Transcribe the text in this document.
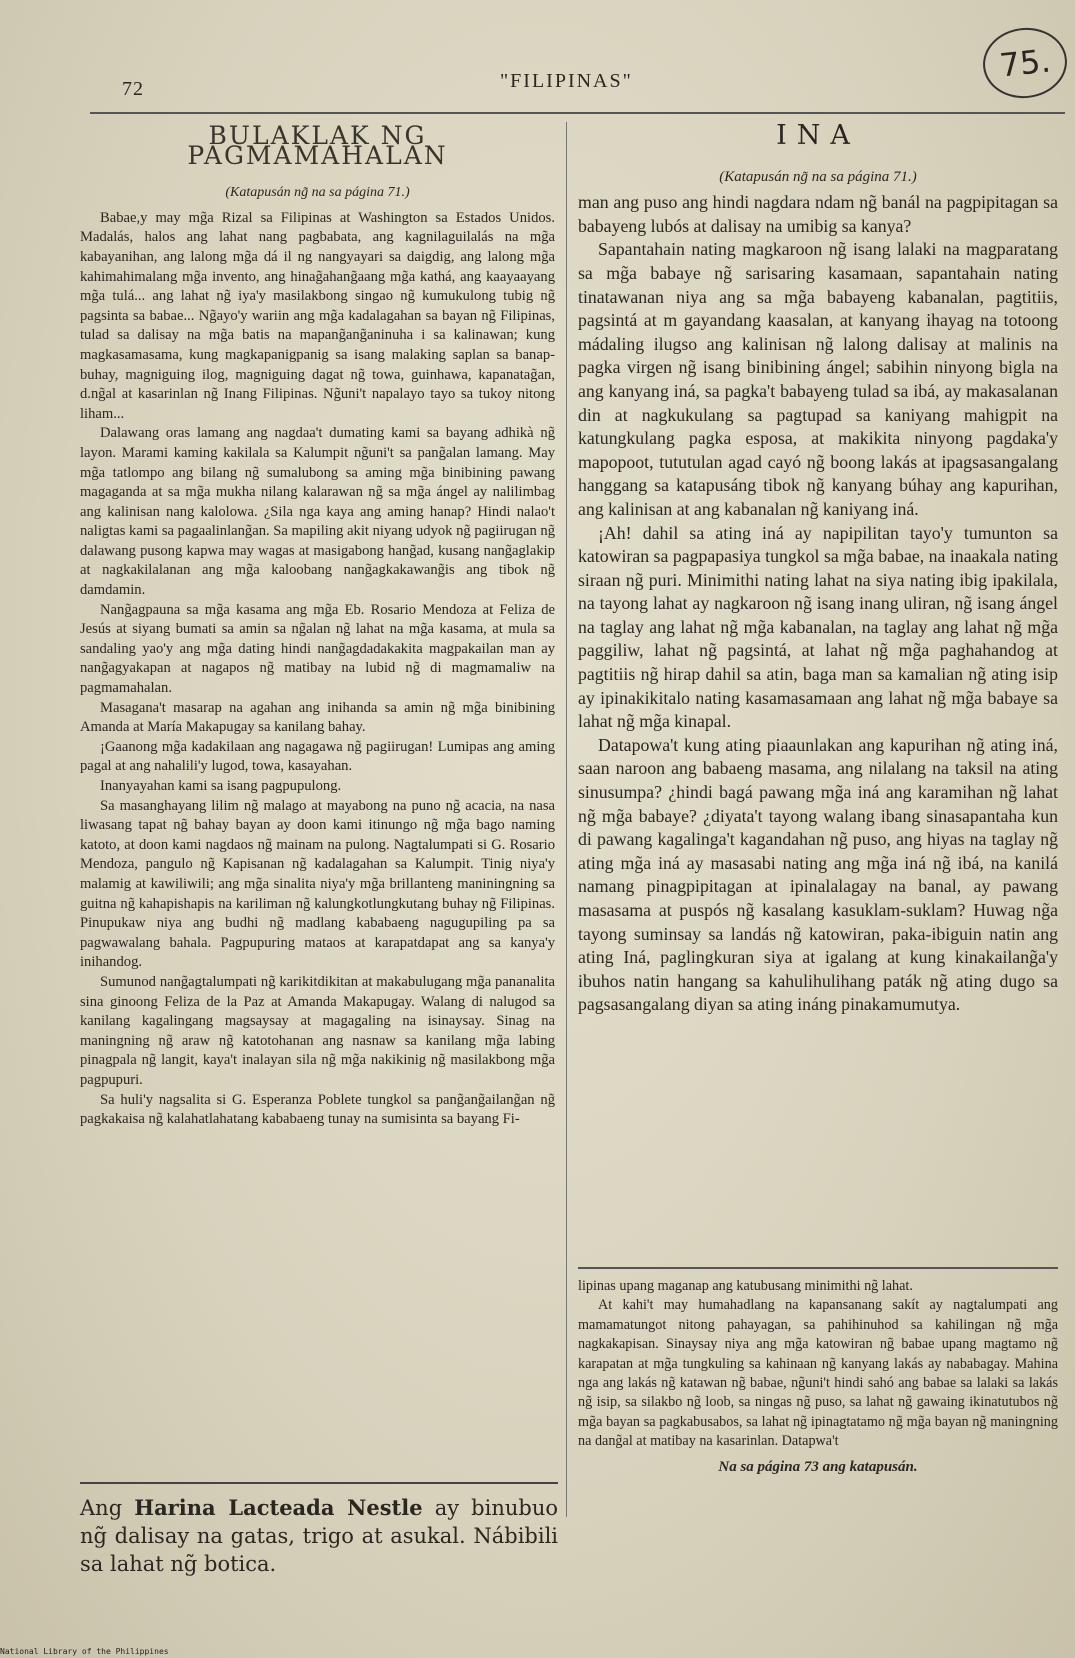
72	"FILIPINAS"	75.
BULAKLAK NG PAGMAMAHALAN
(Katapusán ng̃ na sa página 71.)

Babae,y may mg̃a Rizal sa Filipinas at Washington sa Estados Unidos. Madalás, halos ang lahat nang pagbabata, ang kagnilaguilalás na mg̃a kabayanihan, ang lalong mg̃a dá il ng nangyayari sa daigdig, ang lalong mg̃a kahimahimalang mg̃a invento, ang hinag̃ahang̃aang mg̃a kathá, ang kaayaayang mg̃a tulá... ang lahat ng̃ iya'y masilakbong singao ng̃ kumukulong tubig ng̃ pagsinta sa babae... Ng̃ayo'y wariin ang mg̃a kadalagahan sa bayan ng̃ Filipinas, tulad sa dalisay na mg̃a batis na mapang̃ang̃aninuha i sa kalinawan; kung magkasamasama, kung magkapanigpanig sa isang malaking saplan sa banap-buhay, magniguing ilog, magniguing dagat ng̃ towa, guinhawa, kapanatag̃an, d.ng̃al at kasarinlan ng̃ Inang Filipinas. Ng̃uni't napalayo tayo sa tukoy nitong liham...

Dalawang oras lamang ang nagdaa't dumating kami sa bayang adhikà ng̃ layon. Marami kaming kakilala sa Kalumpit ng̃uni't sa pang̃alan lamang. May mg̃a tatlompo ang bilang ng̃ sumalubong sa aming mg̃a binibining pawang magaganda at sa mg̃a mukha nilang kalarawan ng̃ sa mg̃a ángel ay nalilimbag ang kalinisan nang kalolowa. ¿Sila nga kaya ang aming hanap? Hindi nalao't naligtas kami sa pagaalinlang̃an. Sa mapiling akit niyang udyok ng̃ pagiirugan ng̃ dalawang pusong kapwa may wagas at masigabong hang̃ad, kusang nang̃aglakip at nagkakilalanan ang mg̃a kaloobang nang̃agkakawang̃is ang tibok ng̃ damdamin.

Nang̃agpauna sa mg̃a kasama ang mg̃a Eb. Rosario Mendoza at Feliza de Jesús at siyang bumati sa amin sa ng̃alan ng̃ lahat na mg̃a kasama, at mula sa sandaling yao'y ang mg̃a dating hindi nang̃agdadakakita magpakailan man ay nang̃agyakapan at nagapos ng̃ matibay na lubid ng̃ di magmamaliw na pagmamahalan.

Masagana't masarap na agahan ang inihanda sa amin ng̃ mg̃a binibining Amanda at María Makapugay sa kanilang bahay.

¡Gaanong mg̃a kadakilaan ang nagagawa ng̃ pagiirugan! Lumipas ang aming pagal at ang nahalili'y lugod, towa, kasayahan.

Inanyayahan kami sa isang pagpupulong.

Sa masanghayang lilim ng̃ malago at mayabong na puno ng̃ acacia, na nasa liwasang tapat ng̃ bahay bayan ay doon kami itinungo ng̃ mg̃a bago naming katoto, at doon kami nagdaos ng̃ mainam na pulong. Nagtalumpati si G. Rosario Mendoza, pangulo ng̃ Kapisanan ng̃ kadalagahan sa Kalumpit. Tinig niya'y malamig at kawiliwili; ang mg̃a sinalita niya'y mg̃a brillanteng maniningning sa guitna ng̃ kahapishapis na kariliman ng̃ kalungkotlungkutang buhay ng̃ Filipinas. Pinupukaw niya ang budhi ng̃ madlang kababaeng nagugupiling pa sa pagwawalang bahala. Pagpupuring mataos at karapatdapat ang sa kanya'y inihandog.

Sumunod nang̃agtalumpati ng̃ karikitdikitan at makabulugang mg̃a pananalita sina ginoong Feliza de la Paz at Amanda Makapugay. Walang di nalugod sa kanilang kagalingang magsaysay at magagaling na isinaysay. Sinag na maningning ng̃ araw ng̃ katotohanan ang nasnaw sa kanilang mg̃a labing pinagpala ng̃ langit, kaya't inalayan sila ng̃ mg̃a nakikinig ng̃ masilakbong mg̃a pagpupuri.

Sa huli'y nagsalita si G. Esperanza Poblete tungkol sa pang̃ang̃ailang̃an ng̃ pagkakaisa ng̃ kalahatlahatang kababaeng tunay na sumisinta sa bayang Fi-

INA
(Katapusán ng̃ na sa página 71.)

man ang puso ang hindi nagdara ndam ng̃ banál na pagpipitagan sa babayeng lubós at dalisay na umibig sa kanya?

Sapantahain nating magkaroon ng̃ isang lalaki na magparatang sa mg̃a babaye ng̃ sarisaring kasamaan, sapantahain nating tinatawanan niya ang sa mg̃a babayeng kabanalan, pagtitiis, pagsintá at m gayandang kaasalan, at kanyang ihayag na totoong mádaling ilugso ang kalinisan ng̃ lalong dalisay at malinis na pagka virgen ng̃ isang binibining ángel; sabihin ninyong bigla na ang kanyang iná, sa pagka't babayeng tulad sa ibá, ay makasalanan din at nagkukulang sa pagtupad sa kaniyang mahigpit na katungkulang pagka esposa, at makikita ninyong pagdaka'y mapopoot, tututulan agad cayó ng̃ boong lakás at ipagsasangalang hanggang sa katapusáng tibok ng̃ kanyang búhay ang kapurihan, ang kalinisan at ang kabanalan ng̃ kaniyang iná.

¡Ah! dahil sa ating iná ay napipilitan tayo'y tumunton sa katowiran sa pagpapasiya tungkol sa mg̃a babae, na inaakala nating siraan ng̃ puri. Minimithi nating lahat na siya nating ibig ipakilala, na tayong lahat ay nagkaroon ng̃ isang inang uliran, ng̃ isang ángel na taglay ang lahat ng̃ mg̃a kabanalan, na taglay ang lahat ng̃ mg̃a paggiliw, lahat ng̃ pagsintá, at lahat ng̃ mg̃a paghahandog at pagtitiis ng̃ hirap dahil sa atin, baga man sa kamalian ng̃ ating isip ay ipinakikitalo nating kasamasamaan ang lahat ng̃ mg̃a babaye sa lahat ng̃ mg̃a kinapal.

Datapowa't kung ating piaaunlakan ang kapurihan ng̃ ating iná, saan naroon ang babaeng masama, ang nilalang na taksil na ating sinusumpa? ¿hindi bagá pawang mg̃a iná ang karamihan ng̃ lahat ng̃ mg̃a babaye? ¿diyata't tayong walang ibang sinasapantaha kun di pawang kagalinga't kagandahan ng̃ puso, ang hiyas na taglay ng̃ ating mg̃a iná ay masasabi nating ang mg̃a iná ng̃ ibá, na kanilá namang pinagpipitagan at ipinalalagay na banal, ay pawang masasama at puspós ng̃ kasalang kasuklam-suklam? Huwag ng̃a tayong suminsay sa landás ng̃ katowiran, paka-ibiguin natin ang ating Iná, paglingkuran siya at igalang at kung kinakailang̃a'y ibuhos natin hangang sa kahulihulihang paták ng̃ ating dugo sa pagsasangalang diyan sa ating ináng pinakamumutya.

lipinas upang maganap ang katubusang minimithi ng̃ lahat.

At kahi't may humahadlang na kapansanang sakít ay nagtalumpati ang mamamatungot nitong pahayagan, sa pahihinuhod sa kahilingan ng̃ mg̃a nagkakapisan. Sinaysay niya ang mg̃a katowiran ng̃ babae upang magtamo ng̃ karapatan at mg̃a tungkuling sa kahinaan ng̃ kanyang lakás ay nababagay. Mahina nga ang lakás ng̃ katawan ng̃ babae, ng̃uni't hindi sahó ang babae sa lalaki sa lakás ng̃ isip, sa silakbo ng̃ loob, sa ningas ng̃ puso, sa lahat ng̃ gawaing ikinatutubos ng̃ mg̃a bayan sa pagkabusabos, sa lahat ng̃ ipinagtatamo ng̃ mg̃a bayan ng̃ maningning na dang̃al at matibay na kasarinlan. Datapwa't

Na sa página 73 ang katapusán.
Ang Harina Lacteada Nestle ay binubuo ng̃ dalisay na gatas, trigo at asukal. Nábibili sa lahat ng̃ botica.
National Library of the Philippines
